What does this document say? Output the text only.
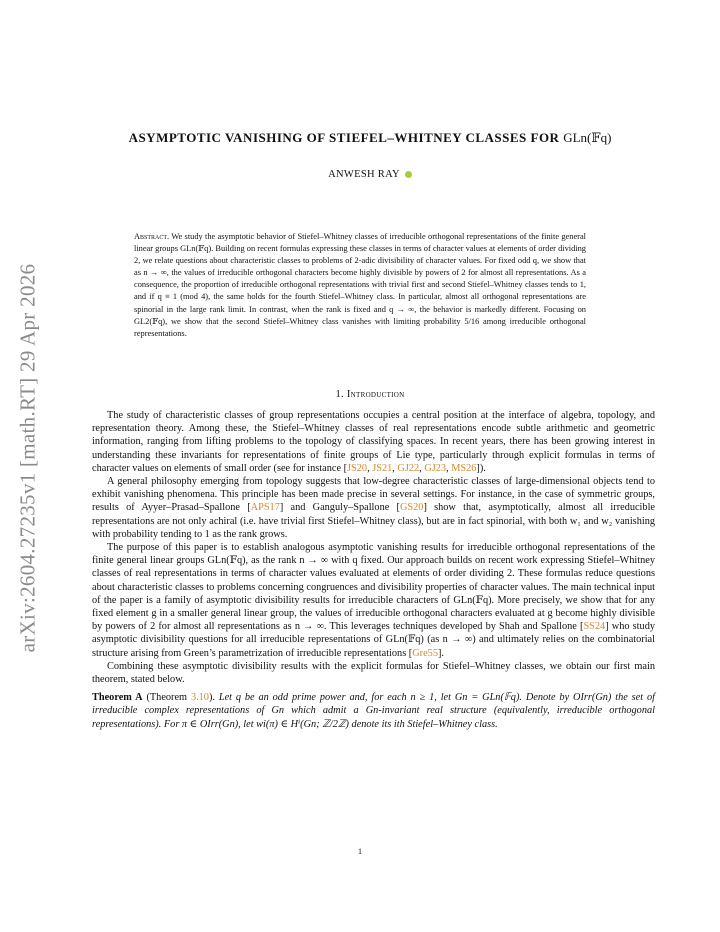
arXiv:2604.27235v1 [math.RT] 29 Apr 2026
ASYMPTOTIC VANISHING OF STIEFEL–WHITNEY CLASSES FOR GLn(𝔽q)
ANWESH RAY
Abstract. We study the asymptotic behavior of Stiefel–Whitney classes of irreducible orthogonal representations of the finite general linear groups GLn(𝔽q). Building on recent formulas expressing these classes in terms of character values at elements of order dividing 2, we relate questions about characteristic classes to problems of 2-adic divisibility of character values. For fixed odd q, we show that as n → ∞, the values of irreducible orthogonal characters become highly divisible by powers of 2 for almost all representations. As a consequence, the proportion of irreducible orthogonal representations with trivial first and second Stiefel–Whitney classes tends to 1, and if q ≡ 1 (mod 4), the same holds for the fourth Stiefel–Whitney class. In particular, almost all orthogonal representations are spinorial in the large rank limit. In contrast, when the rank is fixed and q → ∞, the behavior is markedly different. Focusing on GL2(𝔽q), we show that the second Stiefel–Whitney class vanishes with limiting probability 5/16 among irreducible orthogonal representations.
1. Introduction

The study of characteristic classes of group representations occupies a central position at the interface of algebra, topology, and representation theory. Among these, the Stiefel–Whitney classes of real representations encode subtle arithmetic and geometric information, ranging from lifting problems to the topology of classifying spaces. In recent years, there has been growing interest in understanding these invariants for representations of finite groups of Lie type, particularly through explicit formulas in terms of character values on elements of small order (see for instance [JS20, JS21, GJ22, GJ23, MS26]).

A general philosophy emerging from topology suggests that low-degree characteristic classes of large-dimensional objects tend to exhibit vanishing phenomena. This principle has been made precise in several settings. For instance, in the case of symmetric groups, results of Ayyer–Prasad–Spallone [APS17] and Ganguly–Spallone [GS20] show that, asymptotically, almost all irreducible representations are not only achiral (i.e. have trivial first Stiefel–Whitney class), but are in fact spinorial, with both w₁ and w₂ vanishing with probability tending to 1 as the rank grows.

The purpose of this paper is to establish analogous asymptotic vanishing results for irreducible orthogonal representations of the finite general linear groups GLn(𝔽q), as the rank n → ∞ with q fixed. Our approach builds on recent work expressing Stiefel–Whitney classes of real representations in terms of character values evaluated at elements of order dividing 2. These formulas reduce questions about characteristic classes to problems concerning congruences and divisibility properties of character values. The main technical input of the paper is a family of asymptotic divisibility results for irreducible characters of GLn(𝔽q). More precisely, we show that for any fixed element g in a smaller general linear group, the values of irreducible orthogonal characters evaluated at g become highly divisible by powers of 2 for almost all representations as n → ∞. This leverages techniques developed by Shah and Spallone [SS24] who study asymptotic divisibility questions for all irreducible representations of GLn(𝔽q) (as n → ∞) and ultimately relies on the combinatorial structure arising from Green’s parametrization of irreducible representations [Gre55].

Combining these asymptotic divisibility results with the explicit formulas for Stiefel–Whitney classes, we obtain our first main theorem, stated below.

Theorem A (Theorem 3.10). Let q be an odd prime power and, for each n ≥ 1, let Gn = GLn(𝔽q). Denote by OIrr(Gn) the set of irreducible complex representations of Gn which admit a Gn-invariant real structure (equivalently, irreducible orthogonal representations). For π ∈ OIrr(Gn), let wi(π) ∈ Hⁱ(Gn; ℤ/2ℤ) denote its ith Stiefel–Whitney class.

1
